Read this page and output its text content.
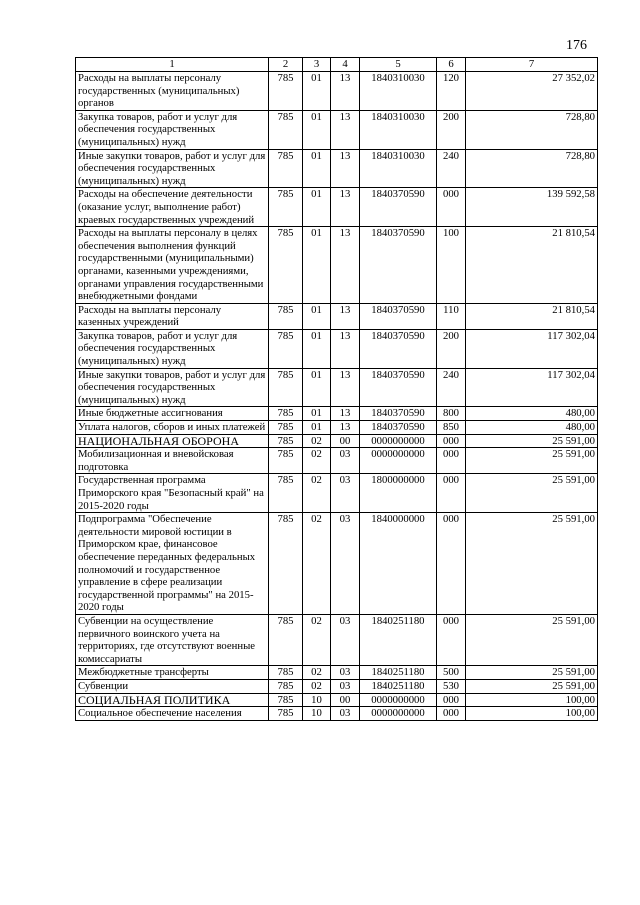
176
1	2	3	4	5	6	7
Расходы на выплаты персоналу государственных (муниципальных) органов	785	01	13	1840310030	120	27 352,02
Закупка товаров, работ и услуг для обеспечения государственных (муниципальных) нужд	785	01	13	1840310030	200	728,80
Иные закупки товаров, работ и услуг для обеспечения государственных (муниципальных) нужд	785	01	13	1840310030	240	728,80
Расходы на обеспечение деятельности (оказание услуг, выполнение работ) краевых государственных учреждений	785	01	13	1840370590	000	139 592,58
Расходы на выплаты персоналу в целях обеспечения выполнения функций государственными (муниципальными) органами, казенными учреждениями, органами управления государственными внебюджетными фондами	785	01	13	1840370590	100	21 810,54
Расходы на выплаты персоналу казенных учреждений	785	01	13	1840370590	110	21 810,54
Закупка товаров, работ и услуг для обеспечения государственных (муниципальных) нужд	785	01	13	1840370590	200	117 302,04
Иные закупки товаров, работ и услуг для обеспечения государственных (муниципальных) нужд	785	01	13	1840370590	240	117 302,04
Иные бюджетные ассигнования	785	01	13	1840370590	800	480,00
Уплата налогов, сборов и иных платежей	785	01	13	1840370590	850	480,00
НАЦИОНАЛЬНАЯ ОБОРОНА	785	02	00	0000000000	000	25 591,00
Мобилизационная и вневойсковая подготовка	785	02	03	0000000000	000	25 591,00
Государственная программа Приморского края "Безопасный край" на 2015-2020 годы	785	02	03	1800000000	000	25 591,00
Подпрограмма "Обеспечение деятельности мировой юстиции в Приморском крае, финансовое обеспечение переданных федеральных полномочий и государственное управление в сфере реализации государственной программы" на 2015-2020 годы	785	02	03	1840000000	000	25 591,00
Субвенции на осуществление первичного воинского учета на территориях, где отсутствуют военные комиссариаты	785	02	03	1840251180	000	25 591,00
Межбюджетные трансферты	785	02	03	1840251180	500	25 591,00
Субвенции	785	02	03	1840251180	530	25 591,00
СОЦИАЛЬНАЯ ПОЛИТИКА	785	10	00	0000000000	000	100,00
Социальное обеспечение населения	785	10	03	0000000000	000	100,00
